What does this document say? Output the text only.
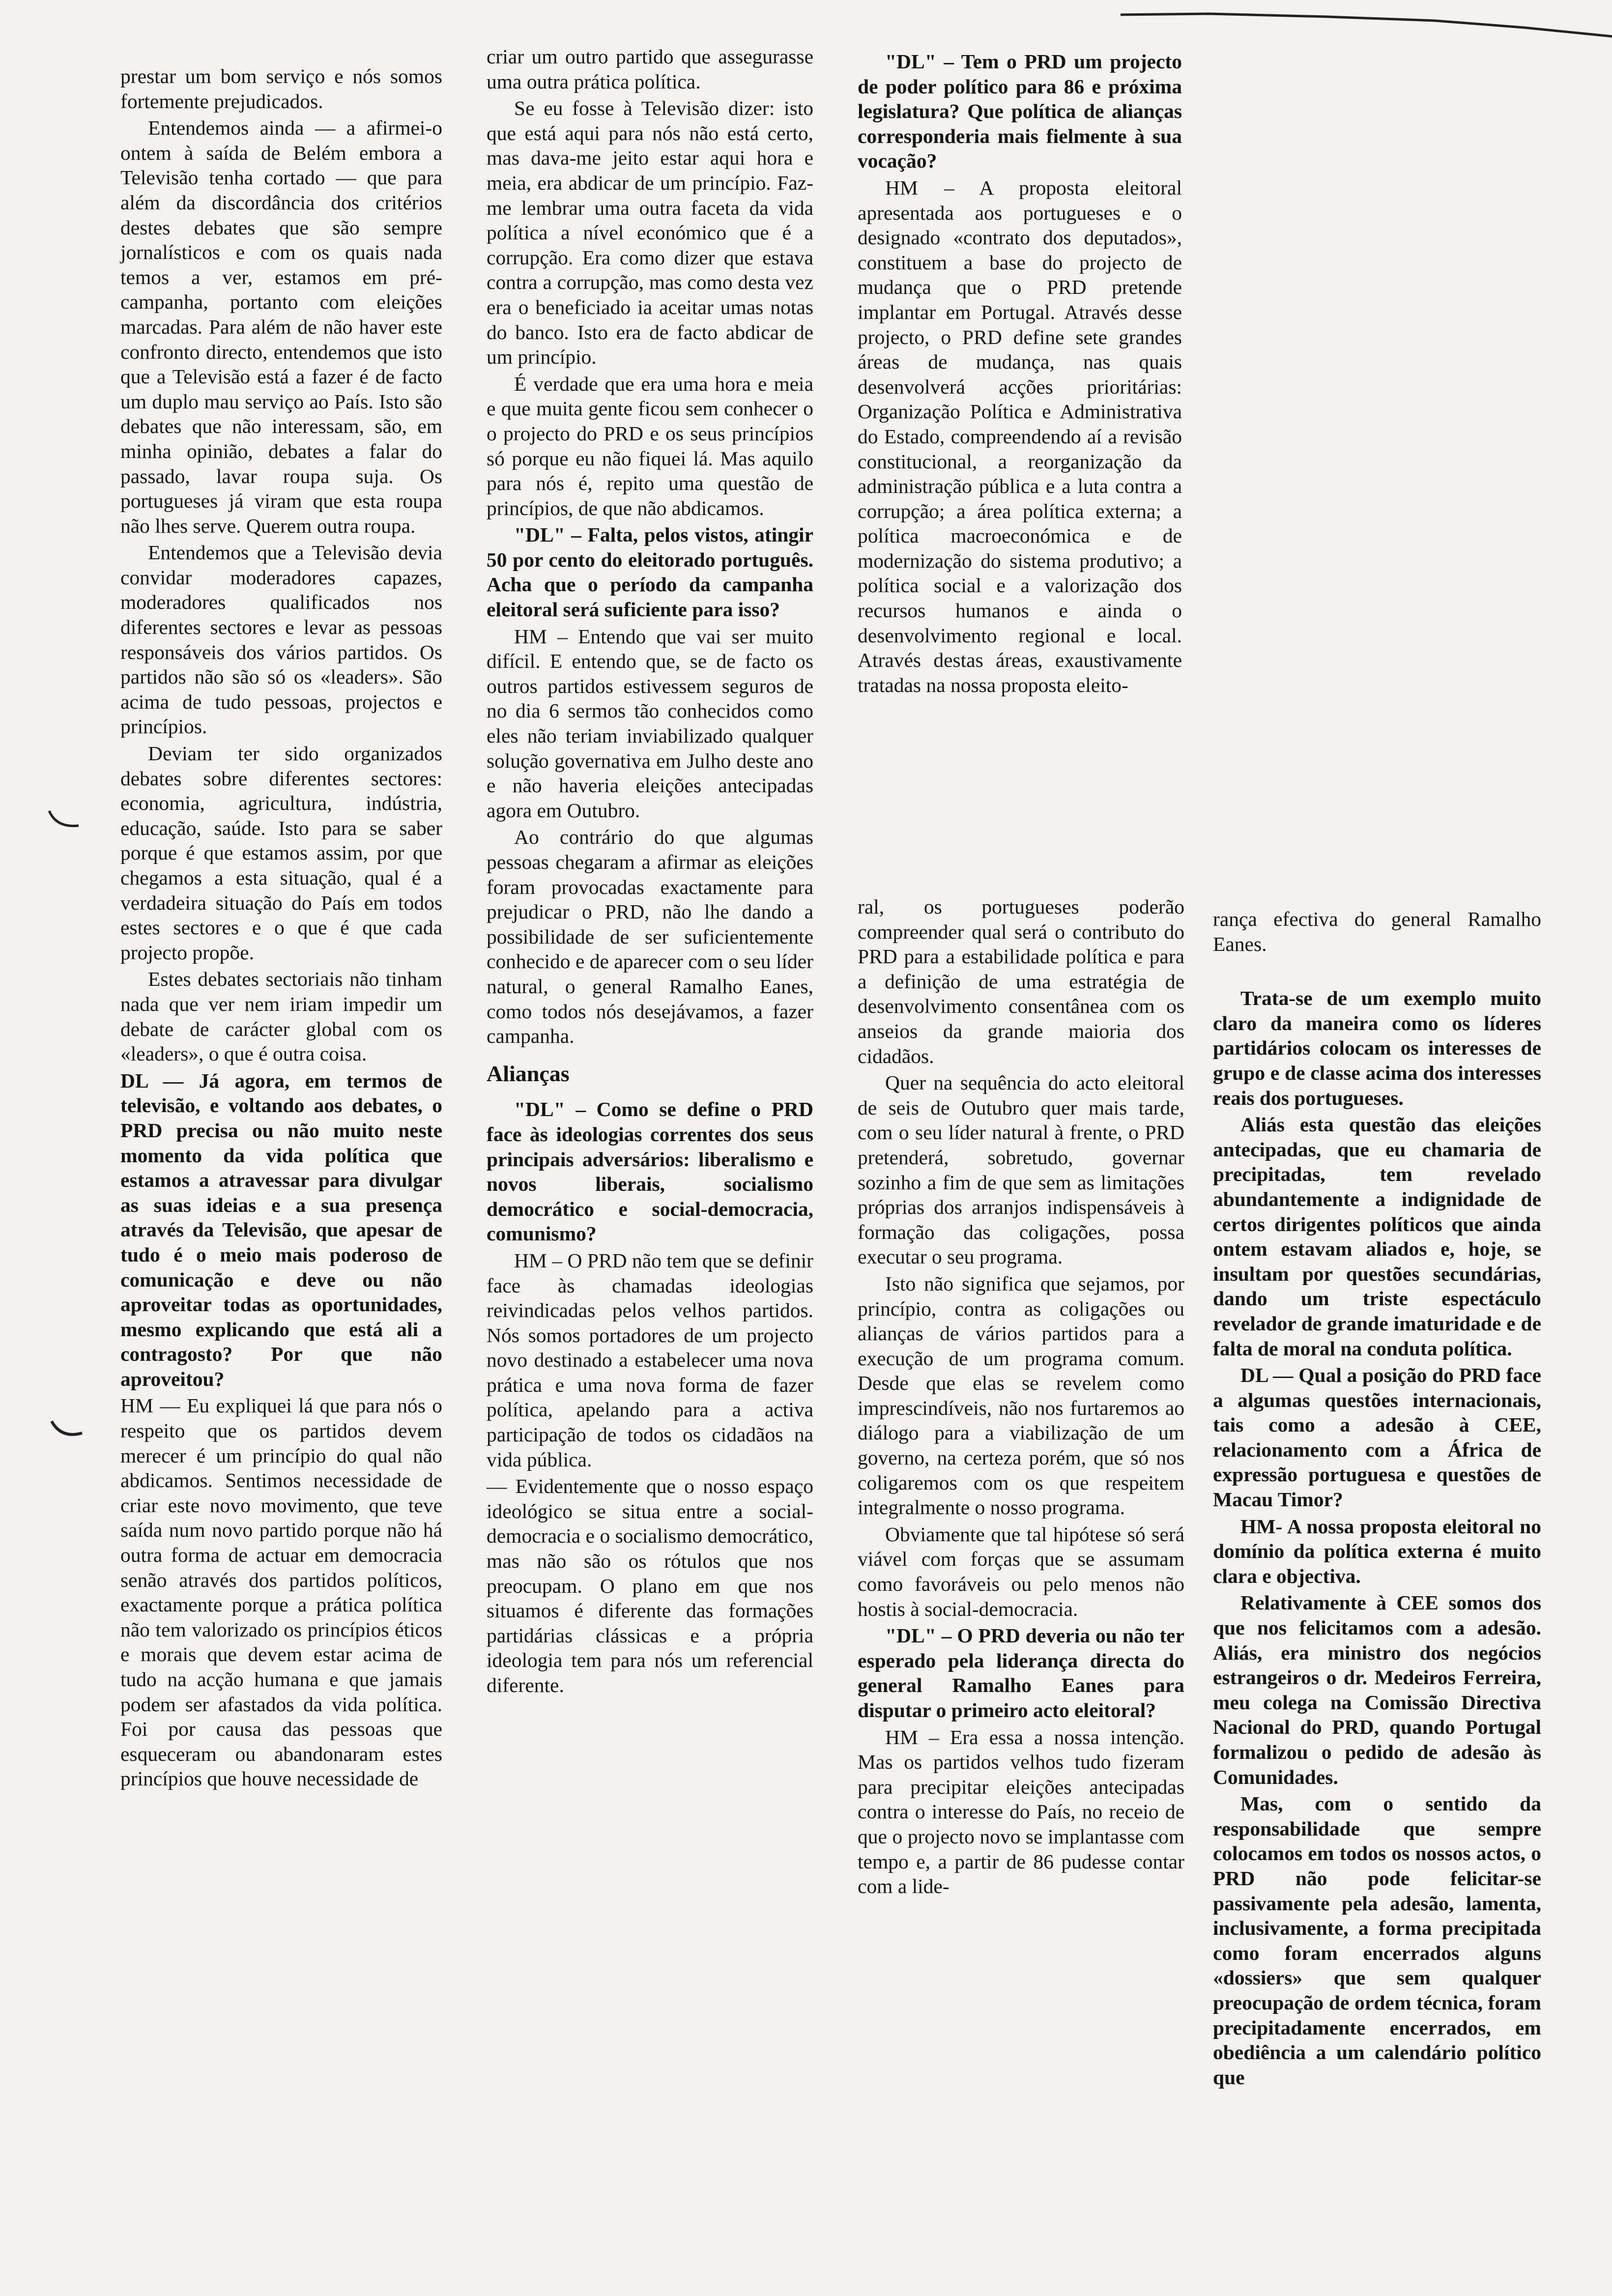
prestar um bom serviço e nós somos fortemente prejudicados.

Entendemos ainda — a afirmei-o ontem à saída de Belém embora a Televisão tenha cortado — que para além da discordância dos critérios destes debates que são sempre jornalísticos e com os quais nada temos a ver, estamos em pré-campanha, portanto com eleições marcadas. Para além de não haver este confronto directo, entendemos que isto que a Televisão está a fazer é de facto um duplo mau serviço ao País. Isto são debates que não interessam, são, em minha opinião, debates a falar do passado, lavar roupa suja. Os portugueses já viram que esta roupa não lhes serve. Querem outra roupa.

Entendemos que a Televisão devia convidar moderadores capazes, moderadores qualificados nos diferentes sectores e levar as pessoas responsáveis dos vários partidos. Os partidos não são só os «leaders». São acima de tudo pessoas, projectos e princípios.

Deviam ter sido organizados debates sobre diferentes sectores: economia, agricultura, indústria, educação, saúde. Isto para se saber porque é que estamos assim, por que chegamos a esta situação, qual é a verdadeira situação do País em todos estes sectores e o que é que cada projecto propõe.

Estes debates sectoriais não tinham nada que ver nem iriam impedir um debate de carácter global com os «leaders», o que é outra coisa.

DL — Já agora, em termos de televisão, e voltando aos debates, o PRD precisa ou não muito neste momento da vida política que estamos a atravessar para divulgar as suas ideias e a sua presença através da Televisão, que apesar de tudo é o meio mais poderoso de comunicação e deve ou não aproveitar todas as oportunidades, mesmo explicando que está ali a contragosto? Por que não aproveitou?

HM — Eu expliquei lá que para nós o respeito que os partidos devem merecer é um princípio do qual não abdicamos. Sentimos necessidade de criar este novo movimento, que teve saída num novo partido porque não há outra forma de actuar em democracia senão através dos partidos políticos, exactamente porque a prática política não tem valorizado os princípios éticos e morais que devem estar acima de tudo na acção humana e que jamais podem ser afastados da vida política. Foi por causa das pessoas que esqueceram ou abandonaram estes princípios que houve necessidade de

criar um outro partido que assegurasse uma outra prática política.

Se eu fosse à Televisão dizer: isto que está aqui para nós não está certo, mas dava-me jeito estar aqui hora e meia, era abdicar de um princípio. Faz-me lembrar uma outra faceta da vida política a nível económico que é a corrupção. Era como dizer que estava contra a corrupção, mas como desta vez era o beneficiado ia aceitar umas notas do banco. Isto era de facto abdicar de um princípio.

É verdade que era uma hora e meia e que muita gente ficou sem conhecer o o projecto do PRD e os seus princípios só porque eu não fiquei lá. Mas aquilo para nós é, repito uma questão de princípios, de que não abdicamos.

"DL" – Falta, pelos vistos, atingir 50 por cento do eleitorado português. Acha que o período da campanha eleitoral será suficiente para isso?

HM – Entendo que vai ser muito difícil. E entendo que, se de facto os outros partidos estivessem seguros de no dia 6 sermos tão conhecidos como eles não teriam inviabilizado qualquer solução governativa em Julho deste ano e não haveria eleições antecipadas agora em Outubro.

Ao contrário do que algumas pessoas chegaram a afirmar as eleições foram provocadas exactamente para prejudicar o PRD, não lhe dando a possibilidade de ser suficientemente conhecido e de aparecer com o seu líder natural, o general Ramalho Eanes, como todos nós desejávamos, a fazer campanha.

Alianças

"DL" – Como se define o PRD face às ideologias correntes dos seus principais adversários: liberalismo e novos liberais, socialismo democrático e social-democracia, comunismo?

HM – O PRD não tem que se definir face às chamadas ideologias reivindicadas pelos velhos partidos. Nós somos portadores de um projecto novo destinado a estabelecer uma nova prática e uma nova forma de fazer política, apelando para a activa participação de todos os cidadãos na vida pública.

— Evidentemente que o nosso espaço ideológico se situa entre a social-democracia e o socialismo democrático, mas não são os rótulos que nos preocupam. O plano em que nos situamos é diferente das formações partidárias clássicas e a própria ideologia tem para nós um referencial diferente.

"DL" – Tem o PRD um projecto de poder político para 86 e próxima legislatura? Que política de alianças corresponderia mais fielmente à sua vocação?

HM – A proposta eleitoral apresentada aos portugueses e o designado «contrato dos deputados», constituem a base do projecto de mudança que o PRD pretende implantar em Portugal. Através desse projecto, o PRD define sete grandes áreas de mudança, nas quais desenvolverá acções prioritárias: Organização Política e Administrativa do Estado, compreendendo aí a revisão constitucional, a reorganização da administração pública e a luta contra a corrupção; a área política externa; a política macroeconómica e de modernização do sistema produtivo; a política social e a valorização dos recursos humanos e ainda o desenvolvimento regional e local. Através destas áreas, exaustivamente tratadas na nossa proposta eleito-

ral, os portugueses poderão compreender qual será o contributo do PRD para a estabilidade política e para a definição de uma estratégia de desenvolvimento consentânea com os anseios da grande maioria dos cidadãos.

Quer na sequência do acto eleitoral de seis de Outubro quer mais tarde, com o seu líder natural à frente, o PRD pretenderá, sobretudo, governar sozinho a fim de que sem as limitações próprias dos arranjos indispensáveis à formação das coligações, possa executar o seu programa.

Isto não significa que sejamos, por princípio, contra as coligações ou alianças de vários partidos para a execução de um programa comum. Desde que elas se revelem como imprescindíveis, não nos furtaremos ao diálogo para a viabilização de um governo, na certeza porém, que só nos coligaremos com os que respeitem integralmente o nosso programa.

Obviamente que tal hipótese só será viável com forças que se assumam como favoráveis ou pelo menos não hostis à social-democracia.

"DL" – O PRD deveria ou não ter esperado pela liderança directa do general Ramalho Eanes para disputar o primeiro acto eleitoral?

HM – Era essa a nossa intenção. Mas os partidos velhos tudo fizeram para precipitar eleições antecipadas contra o interesse do País, no receio de que o projecto novo se implantasse com tempo e, a partir de 86 pudesse contar com a lide-

rança efectiva do general Ramalho Eanes.

Trata-se de um exemplo muito claro da maneira como os líderes partidários colocam os interesses de grupo e de classe acima dos interesses reais dos portugueses.

Aliás esta questão das eleições antecipadas, que eu chamaria de precipitadas, tem revelado abundantemente a indignidade de certos dirigentes políticos que ainda ontem estavam aliados e, hoje, se insultam por questões secundárias, dando um triste espectáculo revelador de grande imaturidade e de falta de moral na conduta política.

DL — Qual a posição do PRD face a algumas questões internacionais, tais como a adesão à CEE, relacionamento com a África de expressão portuguesa e questões de Macau Timor?

HM- A nossa proposta eleitoral no domínio da política externa é muito clara e objectiva.

Relativamente à CEE somos dos que nos felicitamos com a adesão. Aliás, era ministro dos negócios estrangeiros o dr. Medeiros Ferreira, meu colega na Comissão Directiva Nacional do PRD, quando Portugal formalizou o pedido de adesão às Comunidades.

Mas, com o sentido da responsabilidade que sempre colocamos em todos os nossos actos, o PRD não pode felicitar-se passivamente pela adesão, lamenta, inclusivamente, a forma precipitada como foram encerrados alguns «dossiers» que sem qualquer preocupação de ordem técnica, foram precipitadamente encerrados, em obediência a um calendário político que
